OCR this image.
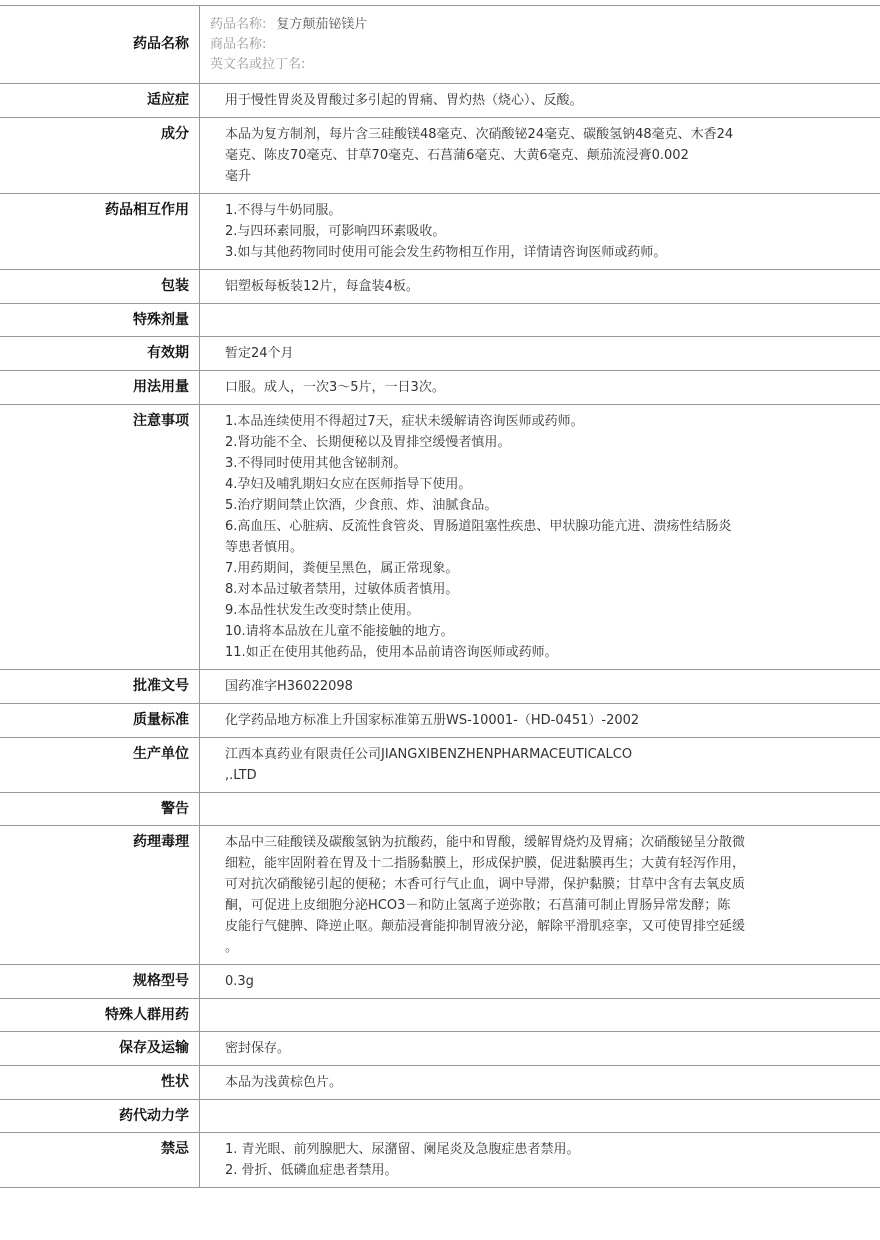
药品名称
药品名称: 复方颠茄铋镁片
商品名称:
英文名或拉丁名:
适应症	用于慢性胃炎及胃酸过多引起的胃痛、胃灼热（烧心）、反酸。
成分	本品为复方制剂，每片含三硅酸镁48毫克、次硝酸铋24毫克、碳酸氢钠48毫克、木香24
毫克、陈皮70毫克、甘草70毫克、石菖蒲6毫克、大黄6毫克、颠茄流浸膏0.002
毫升
药品相互作用	1.不得与牛奶同服。
2.与四环素同服，可影响四环素吸收。
3.如与其他药物同时使用可能会发生药物相互作用，详情请咨询医师或药师。
包装	铝塑板每板装12片，每盒装4板。
特殊剂量
有效期	暂定24个月
用法用量	口服。成人，一次3～5片，一日3次。
注意事项	1.本品连续使用不得超过7天，症状未缓解请咨询医师或药师。
2.肾功能不全、长期便秘以及胃排空缓慢者慎用。
3.不得同时使用其他含铋制剂。
4.孕妇及哺乳期妇女应在医师指导下使用。
5.治疗期间禁止饮酒，少食煎、炸、油腻食品。
6.高血压、心脏病、反流性食管炎、胃肠道阻塞性疾患、甲状腺功能亢进、溃疡性结肠炎
等患者慎用。
7.用药期间，粪便呈黑色，属正常现象。
8.对本品过敏者禁用，过敏体质者慎用。
9.本品性状发生改变时禁止使用。
10.请将本品放在儿童不能接触的地方。
11.如正在使用其他药品，使用本品前请咨询医师或药师。
批准文号	国药准字H36022098
质量标准	化学药品地方标准上升国家标准第五册WS-10001-（HD-0451）-2002
生产单位	江西本真药业有限责任公司JIANGXIBENZHENPHARMACEUTICALCO
,.LTD
警告
药理毒理	本品中三硅酸镁及碳酸氢钠为抗酸药，能中和胃酸，缓解胃烧灼及胃痛；次硝酸铋呈分散微
细粒，能牢固附着在胃及十二指肠黏膜上，形成保护膜，促进黏膜再生；大黄有轻泻作用，
可对抗次硝酸铋引起的便秘；木香可行气止血，调中导滞，保护黏膜；甘草中含有去氧皮质
酮，可促进上皮细胞分泌HCO3－和防止氢离子逆弥散；石菖蒲可制止胃肠异常发酵；陈
皮能行气健脾、降逆止呕。颠茄浸膏能抑制胃液分泌，解除平滑肌痉挛，又可使胃排空延缓
。
规格型号	0.3g
特殊人群用药
保存及运输	密封保存。
性状	本品为浅黄棕色片。
药代动力学
禁忌	1. 青光眼、前列腺肥大、尿潴留、阑尾炎及急腹症患者禁用。
2. 骨折、低磷血症患者禁用。
